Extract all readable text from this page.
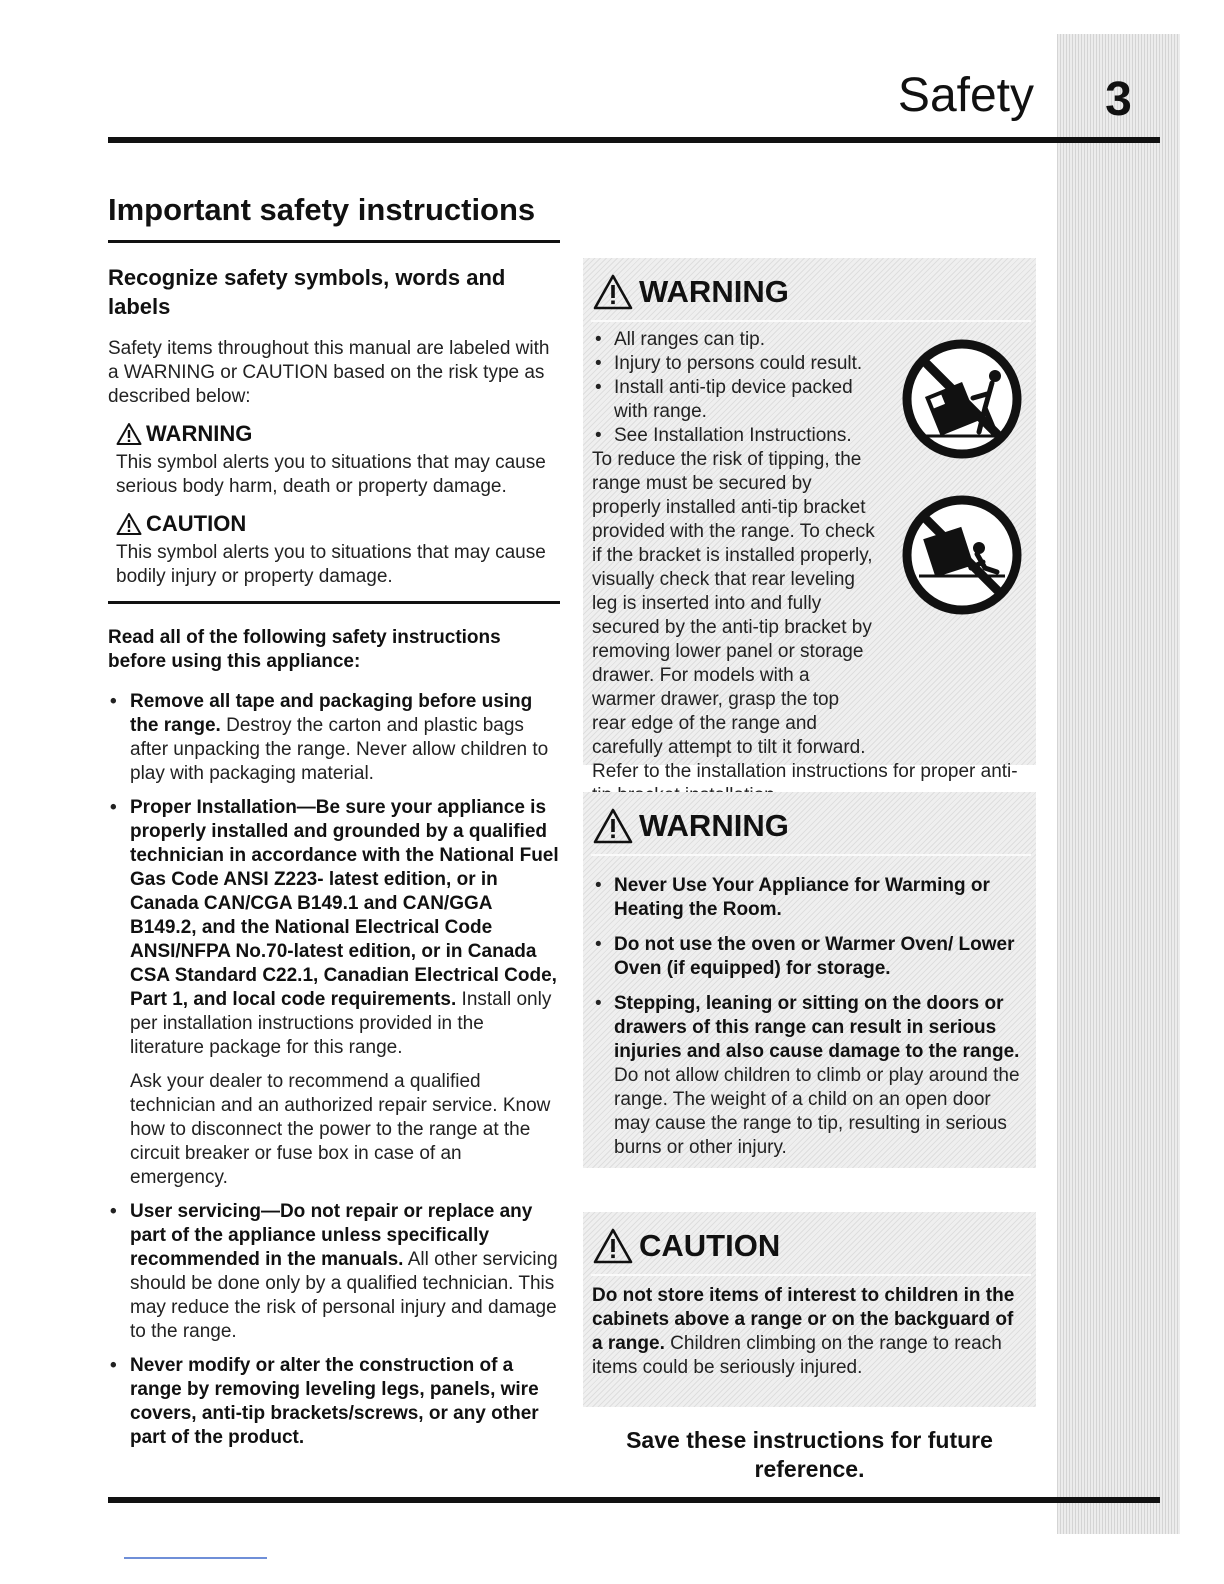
3
Safety
Important safety instructions
Recognize safety symbols, words and labels

Safety items throughout this manual are labeled with a WARNING or CAUTION based on the risk type as described below:

WARNING
This symbol alerts you to situations that may cause serious body harm, death or property damage.
CAUTION
This symbol alerts you to situations that may cause bodily injury or property damage.
Read all of the following safety instructions before using this appliance:
• Remove all tape and packaging before using the range. Destroy the carton and plastic bags after unpacking the range. Never allow children to play with packaging material.
• Proper Installation—Be sure your appliance is properly installed and grounded by a qualified technician in accordance with the National Fuel Gas Code ANSI Z223- latest edition, or in Canada CAN/CGA B149.1 and CAN/GGA B149.2, and the National Electrical Code ANSI/NFPA No.70-latest edition, or in Canada CSA Standard C22.1, Canadian Electrical Code, Part 1, and local code requirements. Install only per installation instructions provided in the literature package for this range.
Ask your dealer to recommend a qualified technician and an authorized repair service. Know how to disconnect the power to the range at the circuit breaker or fuse box in case of an emergency.
• User servicing—Do not repair or replace any part of the appliance unless specifically recommended in the manuals. All other servicing should be done only by a qualified technician. This may reduce the risk of personal injury and damage to the range.
• Never modify or alter the construction of a range by removing leveling legs, panels, wire covers, anti-tip brackets/screws, or any other part of the product.
WARNING
• All ranges can tip.
• Injury to persons could result.
• Install anti-tip device packed with range.
• See Installation Instructions.
To reduce the risk of tipping, the range must be secured by properly installed anti-tip bracket provided with the range. To check if the bracket is installed properly, visually check that rear leveling leg is inserted into and fully secured by the anti-tip bracket by removing lower panel or storage drawer. For models with a warmer drawer, grasp the top rear edge of the range and carefully attempt to tilt it forward. Refer to the installation instructions for proper anti-
WARNING
• Never Use Your Appliance for Warming or Heating the Room.
• Do not use the oven or Warmer Oven/ Lower Oven (if equipped) for storage.
• Stepping, leaning or sitting on the doors or drawers of this range can result in serious injuries and also cause damage to the range. Do not allow children to climb or play around the range. The weight of a child on an open door may cause the range to tip, resulting in serious burns or other injury.
CAUTION
Do not store items of interest to children in the cabinets above a range or on the backguard of a range. Children climbing on the range to reach items could be seriously injured.
Save these instructions for future reference.
